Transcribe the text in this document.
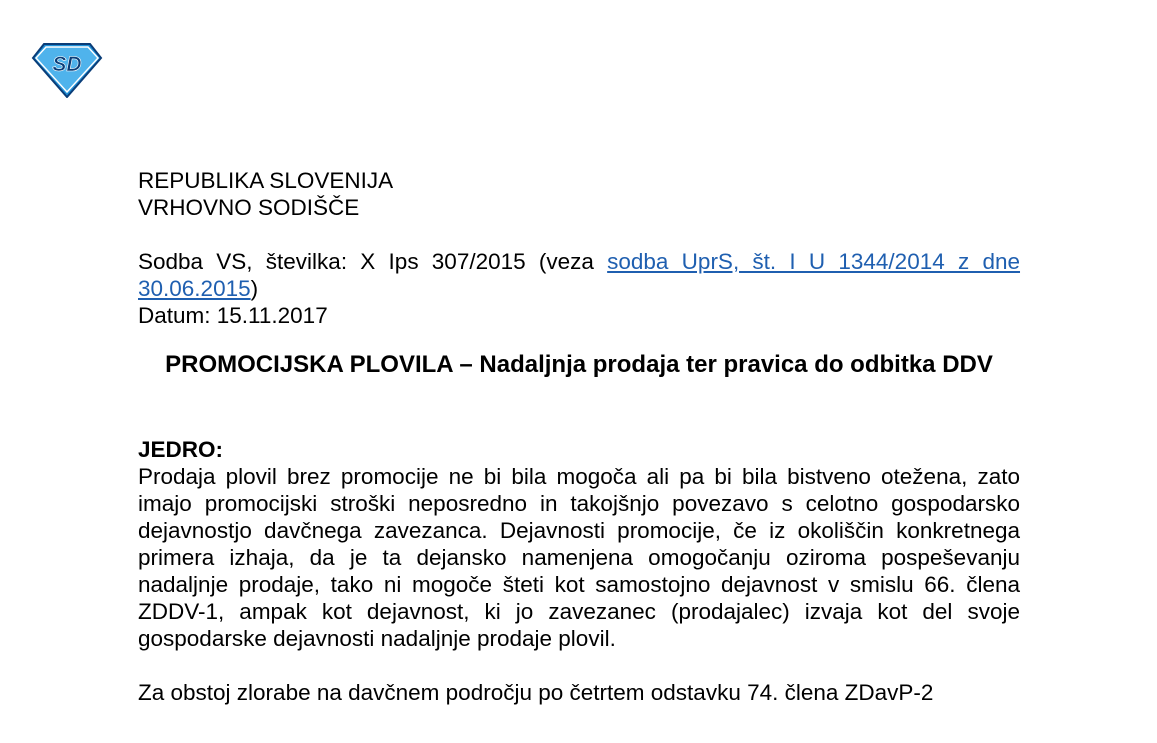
SD
REPUBLIKA SLOVENIJA
VRHOVNO SODIŠČE
Sodba VS, številka: X Ips 307/2015 (veza sodba UprS, št. I U 1344/2014 z dne 30.06.2015)
Datum: 15.11.2017
PROMOCIJSKA PLOVILA – Nadaljnja prodaja ter pravica do odbitka DDV
JEDRO:
Prodaja plovil brez promocije ne bi bila mogoča ali pa bi bila bistveno otežena, zato imajo promocijski stroški neposredno in takojšnjo povezavo s celotno gospodarsko dejavnostjo davčnega zavezanca. Dejavnosti promocije, če iz okoliščin konkretnega primera izhaja, da je ta dejansko namenjena omogočanju oziroma pospeševanju nadaljnje prodaje, tako ni mogoče šteti kot samostojno dejavnost v smislu 66. člena ZDDV-1, ampak kot dejavnost, ki jo zavezanec (prodajalec) izvaja kot del svoje gospodarske dejavnosti nadaljnje prodaje plovil.
Za obstoj zlorabe na davčnem področju po četrtem odstavku 74. člena ZDavP-2
